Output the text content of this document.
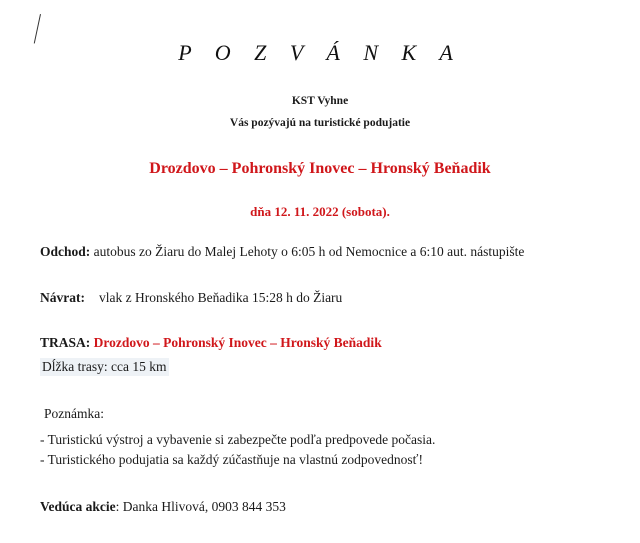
P O Z V Á N K A
KST Vyhne
Vás pozývajú na turistické podujatie
Drozdovo – Pohronský Inovec – Hronský Beňadik
dňa 12. 11. 2022 (sobota).
Odchod: autobus zo Žiaru do Malej Lehoty o 6:05 h od Nemocnice a 6:10 aut. nástupište
Návrat: vlak z Hronského Beňadika 15:28 h do Žiaru
TRASA: Drozdovo – Pohronský Inovec – Hronský Beňadik
Dĺžka trasy: cca 15 km
Poznámka:
- Turistickú výstroj a vybavenie si zabezpečte podľa predpovede počasia.
- Turistického podujatia sa každý zúčastňuje na vlastnú zodpovednosť!
Vedúca akcie: Danka Hlivová, 0903 844 353
